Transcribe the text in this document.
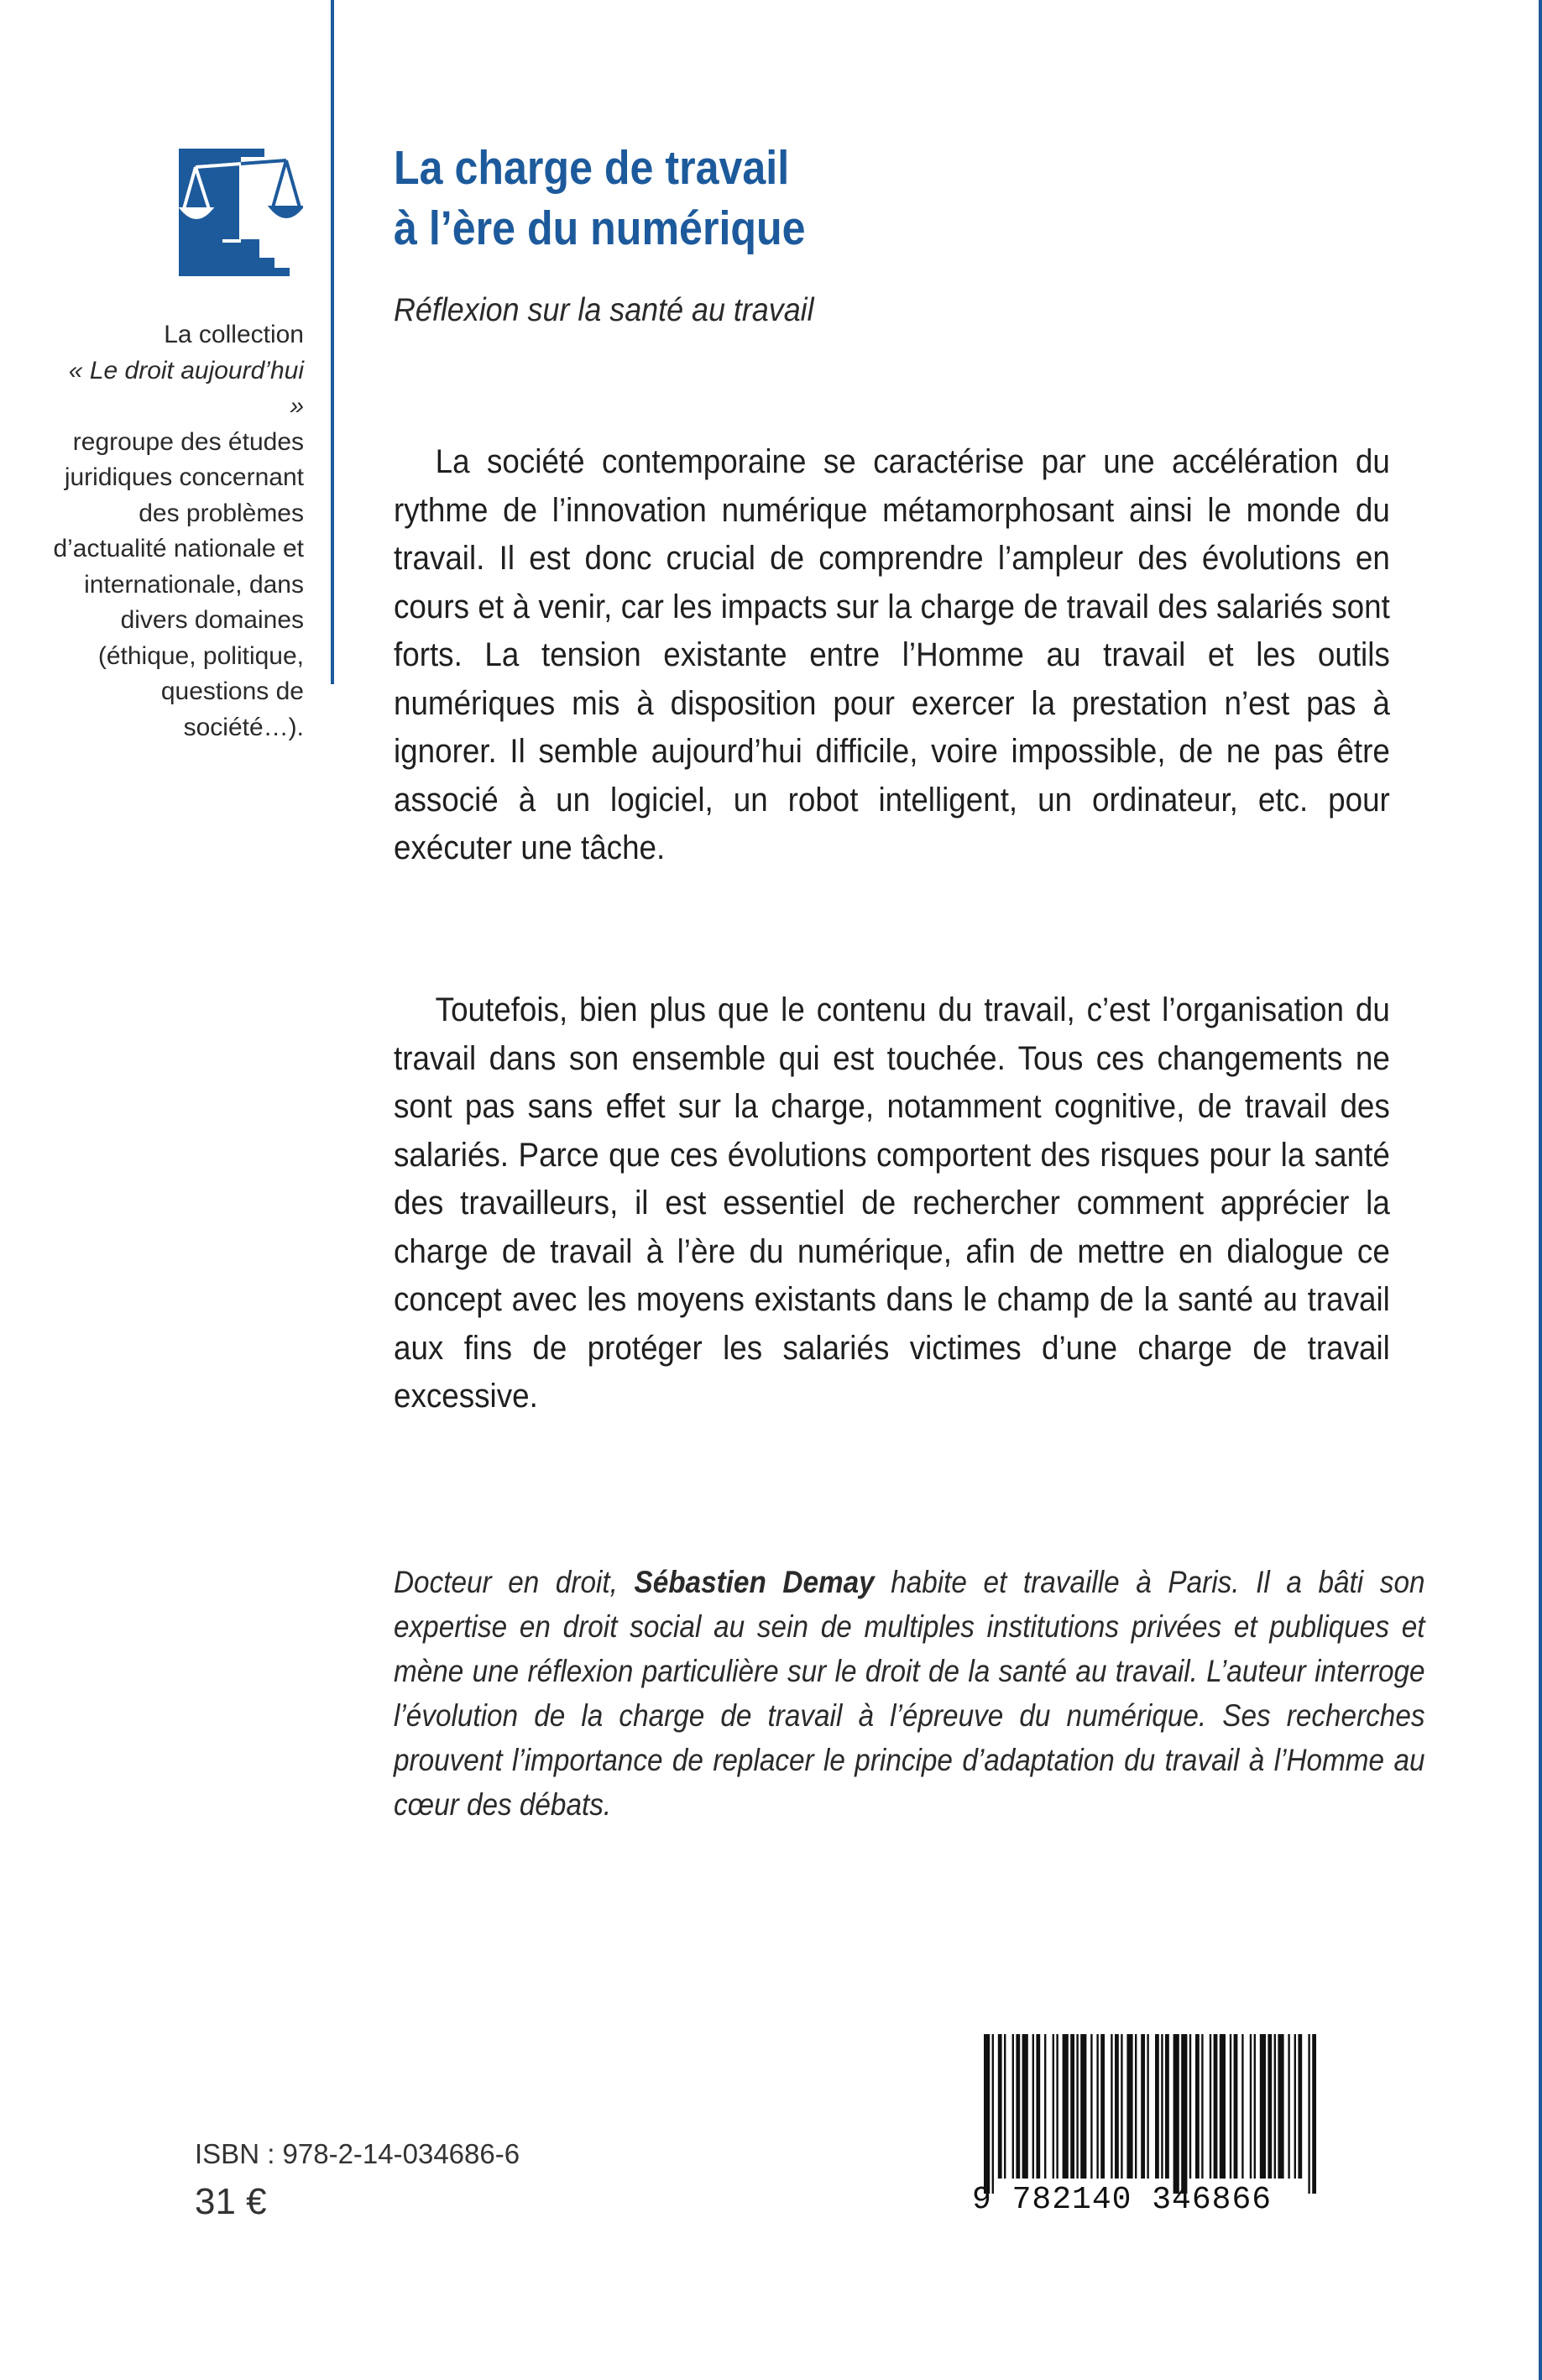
La collection
« Le droit aujourd’hui »
regroupe des études juridiques concernant des problèmes d’actualité nationale et internationale, dans divers domaines (éthique, politique, questions de société…).
La charge de travail
à l’ère du numérique
Réflexion sur la santé au travail

La société contemporaine se caractérise par une accélération du rythme de l’innovation numérique métamorphosant ainsi le monde du travail. Il est donc crucial de comprendre l’ampleur des évolutions en cours et à venir, car les impacts sur la charge de travail des salariés sont forts. La tension existante entre l’Homme au travail et les outils numériques mis à disposition pour exercer la prestation n’est pas à ignorer. Il semble aujourd’hui difficile, voire impossible, de ne pas être associé à un logiciel, un robot intelligent, un ordinateur, etc. pour exécuter une tâche.

Toutefois, bien plus que le contenu du travail, c’est l’organisation du travail dans son ensemble qui est touchée. Tous ces changements ne sont pas sans effet sur la charge, notamment cognitive, de travail des salariés. Parce que ces évolutions comportent des risques pour la santé des travailleurs, il est essentiel de rechercher comment apprécier la charge de travail à l’ère du numérique, afin de mettre en dialogue ce concept avec les moyens existants dans le champ de la santé au travail aux fins de protéger les salariés victimes d’une charge de travail excessive.

Docteur en droit, Sébastien Demay habite et travaille à Paris. Il a bâti son expertise en droit social au sein de multiples institutions privées et publiques et mène une réflexion particulière sur le droit de la santé au travail. L’auteur interroge l’évolution de la charge de travail à l’épreuve du numérique. Ses recherches prouvent l’importance de replacer le principe d’adaptation du travail à l’Homme au cœur des débats.
ISBN : 978-2-14-034686-6
31 €	9 782140 346866
